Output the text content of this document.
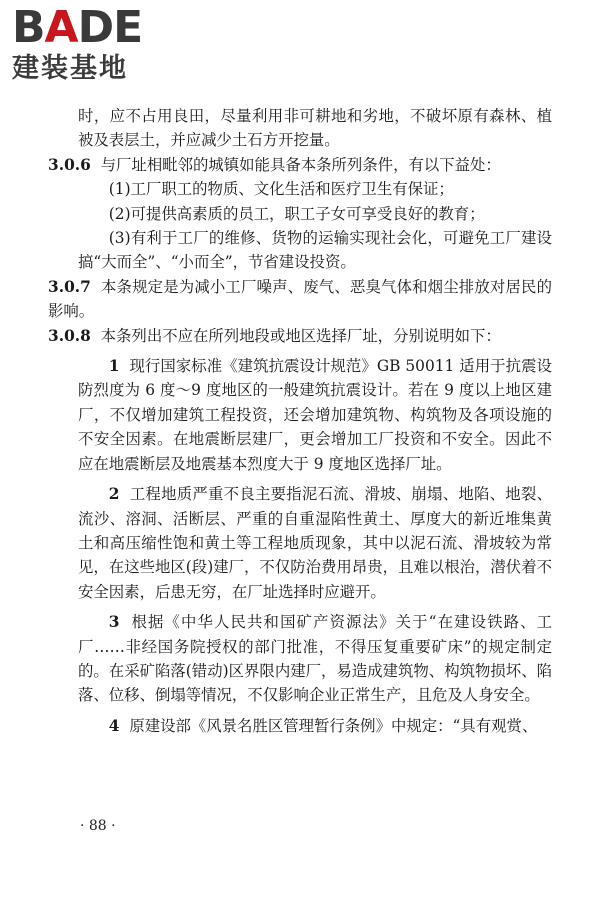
BADE
建装基地

时，应不占用良田，尽量利用非可耕地和劣地，不破坏原有森林、植被及表层土，并应减少土石方开挖量。

3.0.6 与厂址相毗邻的城镇如能具备本条所列条件，有以下益处：

(1)工厂职工的物质、文化生活和医疗卫生有保证；

(2)可提供高素质的员工，职工子女可享受良好的教育；

(3)有利于工厂的维修、货物的运输实现社会化，可避免工厂建设搞“大而全”、“小而全”，节省建设投资。

3.0.7 本条规定是为减小工厂噪声、废气、恶臭气体和烟尘排放对居民的影响。

3.0.8 本条列出不应在所列地段或地区选择厂址，分别说明如下：

1 现行国家标准《建筑抗震设计规范》GB 50011 适用于抗震设防烈度为 6 度～9 度地区的一般建筑抗震设计。若在 9 度以上地区建厂，不仅增加建筑工程投资，还会增加建筑物、构筑物及各项设施的不安全因素。在地震断层建厂，更会增加工厂投资和不安全。因此不应在地震断层及地震基本烈度大于 9 度地区选择厂址。

2 工程地质严重不良主要指泥石流、滑坡、崩塌、地陷、地裂、流沙、溶洞、活断层、严重的自重湿陷性黄土、厚度大的新近堆集黄土和高压缩性饱和黄土等工程地质现象，其中以泥石流、滑坡较为常见，在这些地区(段)建厂，不仅防治费用昂贵，且难以根治，潜伏着不安全因素，后患无穷，在厂址选择时应避开。

3 根据《中华人民共和国矿产资源法》关于“在建设铁路、工厂……非经国务院授权的部门批准，不得压复重要矿床”的规定制定的。在采矿陷落(错动)区界限内建厂，易造成建筑物、构筑物损坏、陷落、位移、倒塌等情况，不仅影响企业正常生产，且危及人身安全。

4 原建设部《风景名胜区管理暂行条例》中规定：“具有观赏、

· 88 ·
